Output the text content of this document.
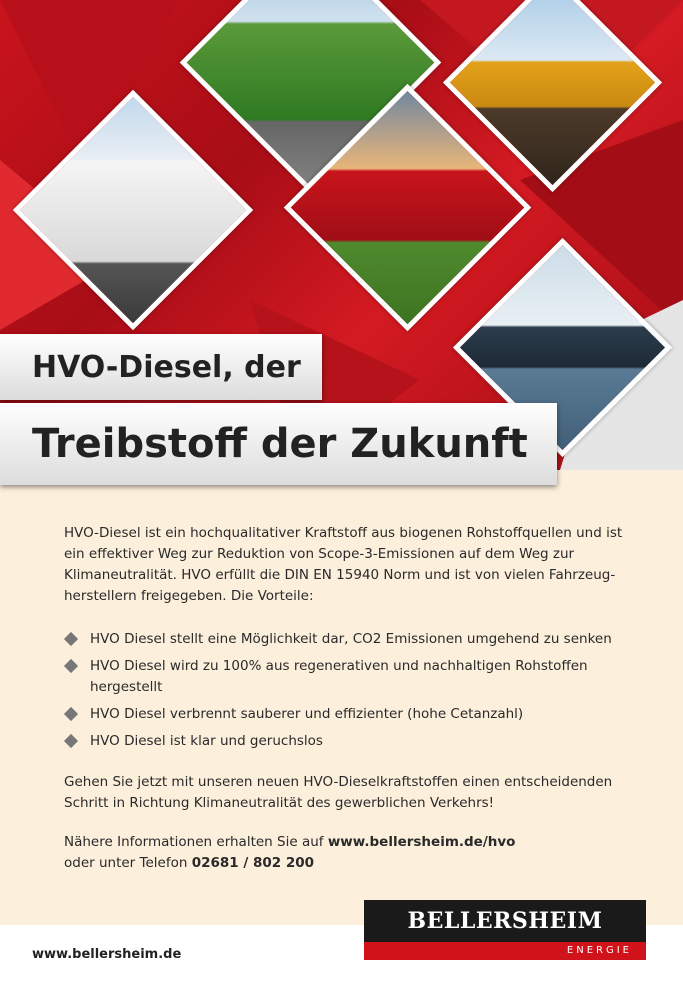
HVO-Diesel, der
Treibstoff der Zukunft

HVO-Diesel ist ein hochqualitativer Kraftstoff aus biogenen Rohstoffquellen und ist ein effektiver Weg zur Reduktion von Scope-3-Emissionen auf dem Weg zur Klimaneutralität. HVO erfüllt die DIN EN 15940 Norm und ist von vielen Fahrzeug-herstellern freigegeben. Die Vorteile:

HVO Diesel stellt eine Möglichkeit dar, CO2 Emissionen umgehend zu senken
HVO Diesel wird zu 100% aus regenerativen und nachhaltigen Rohstoffen hergestellt
HVO Diesel verbrennt sauberer und effizienter (hohe Cetanzahl)
HVO Diesel ist klar und geruchslos

Gehen Sie jetzt mit unseren neuen HVO-Dieselkraftstoffen einen entscheidenden Schritt in Richtung Klimaneutralität des gewerblichen Verkehrs!

Nähere Informationen erhalten Sie auf www.bellersheim.de/hvo
oder unter Telefon 02681 / 802 200

www.bellersheim.de
BELLERSHEIM
ENERGIE
